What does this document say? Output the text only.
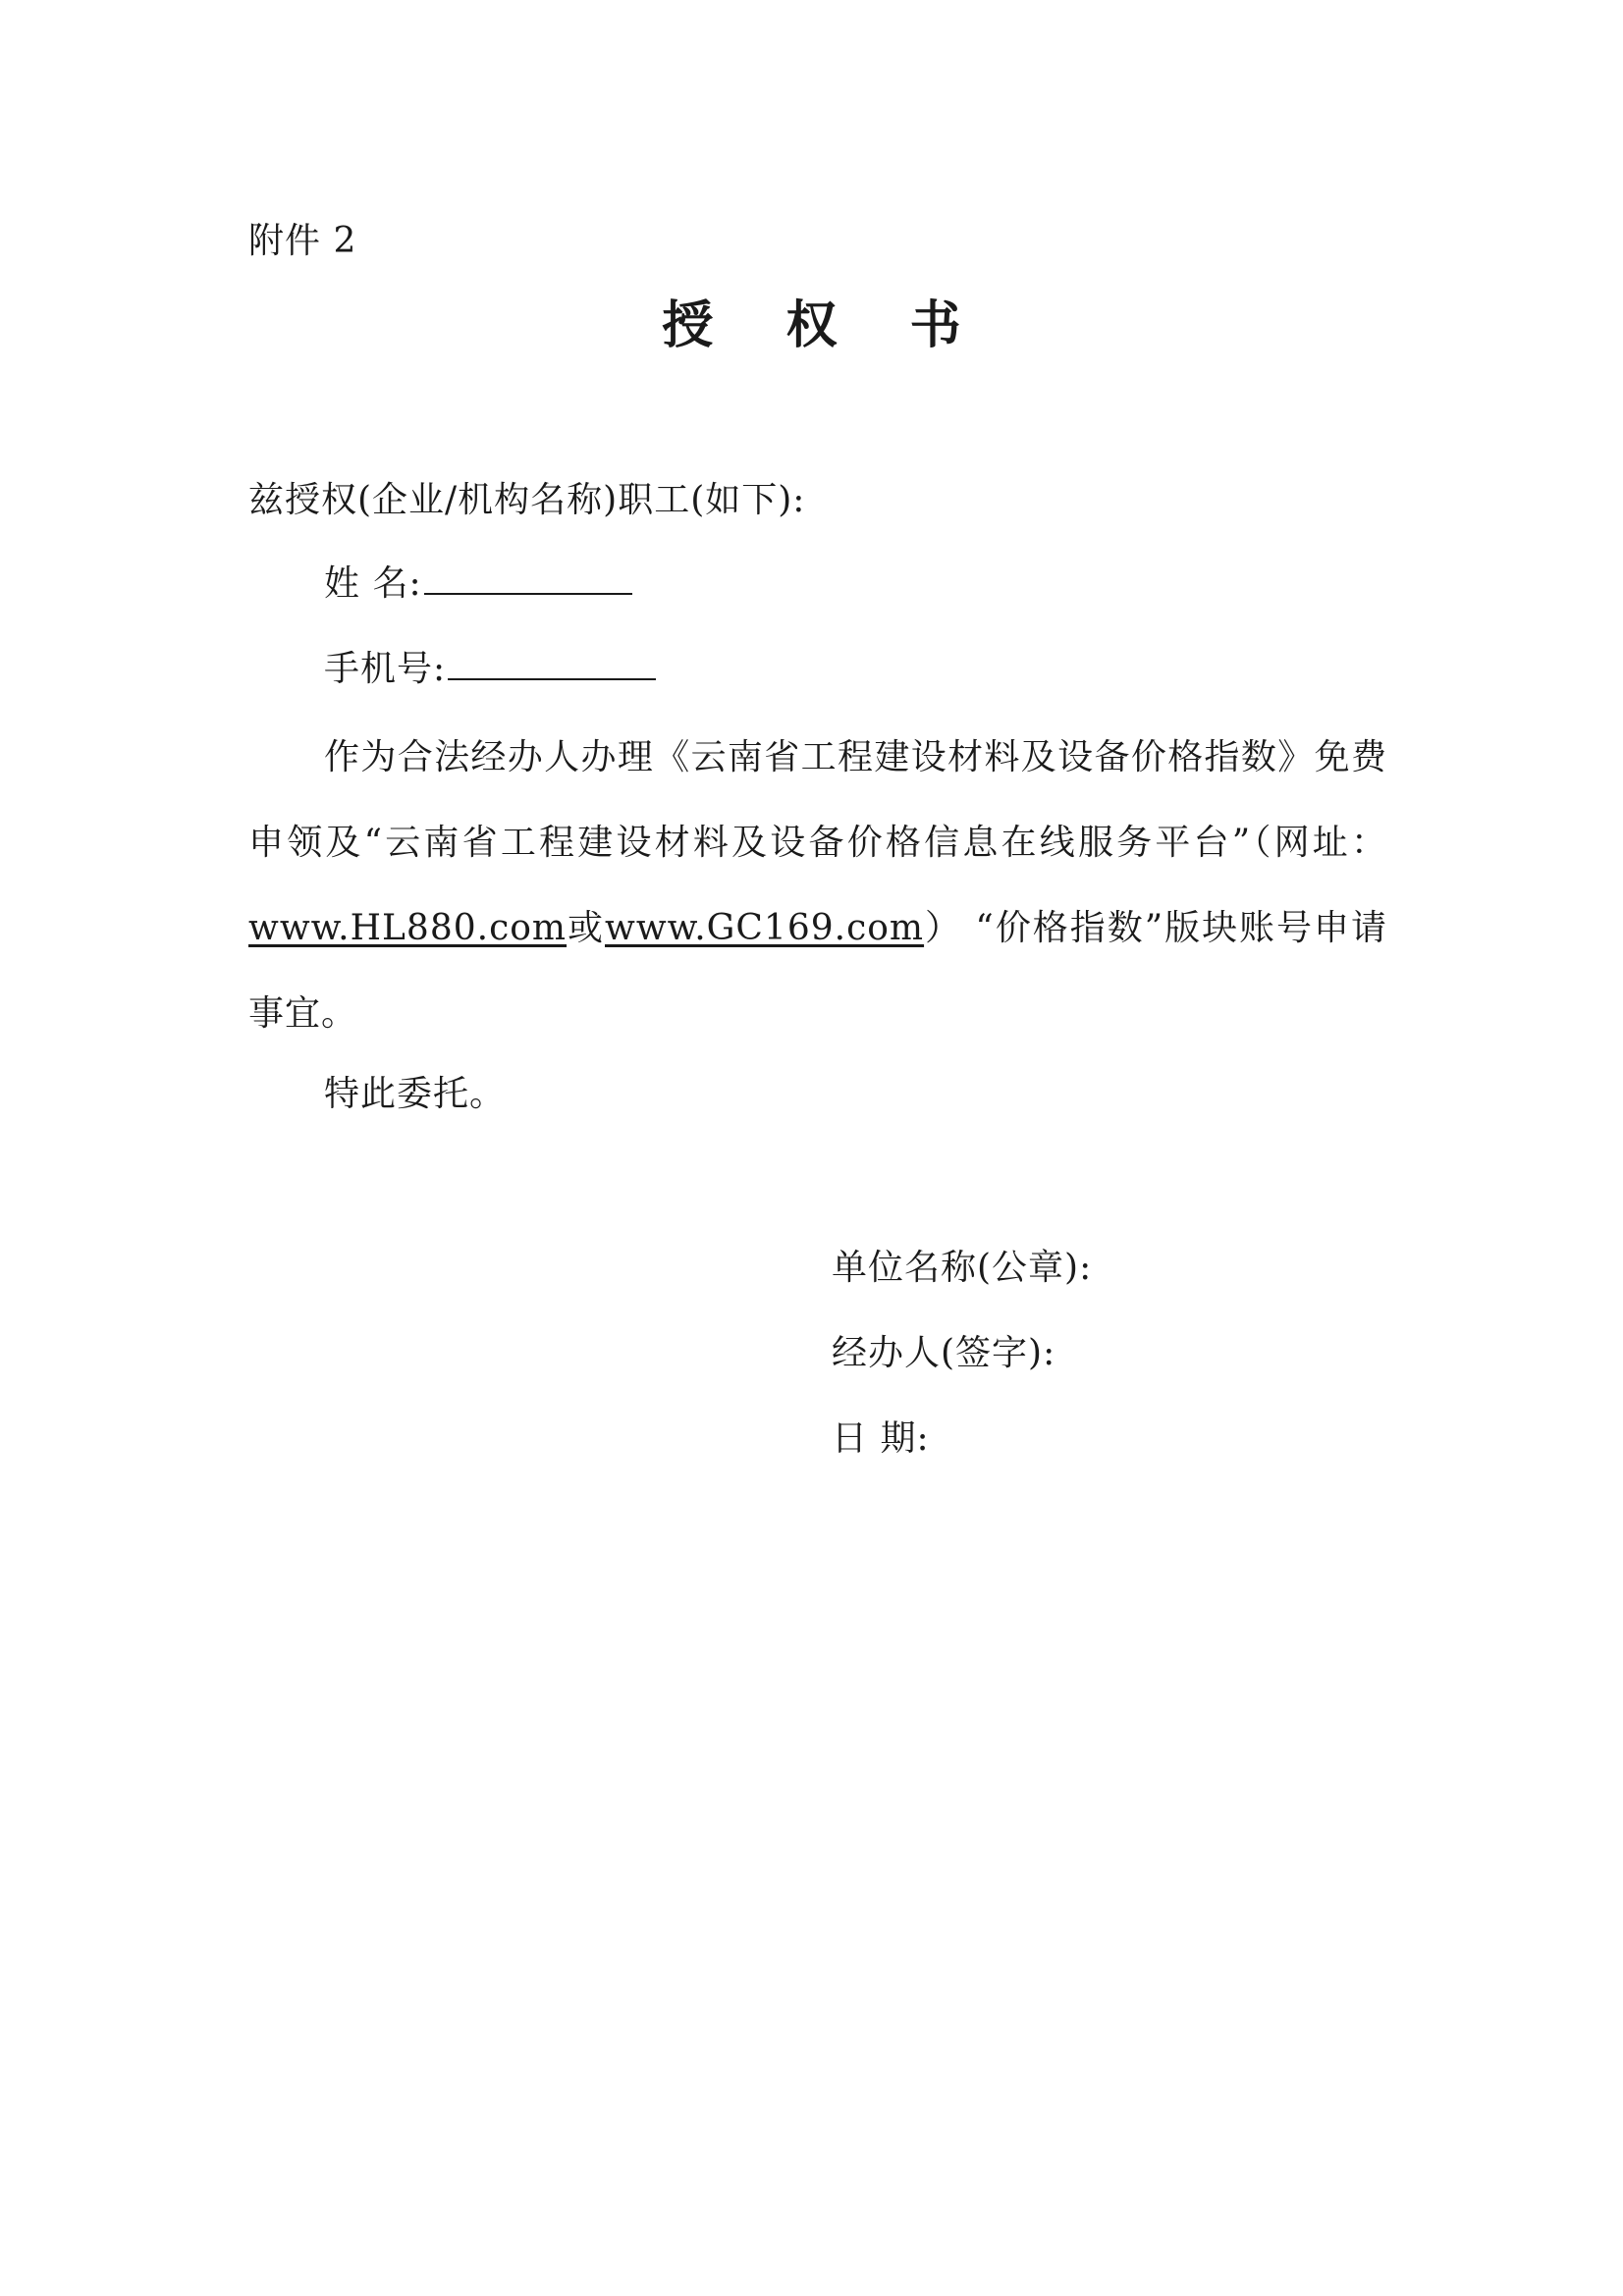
附件 2
授 权 书
兹授权(企业/机构名称)职工(如下):
姓 名:
手机号:
作为合法经办人办理《云南省工程建设材料及设备价格指数》免费申领及“云南省工程建设材料及设备价格信息在线服务平台”（网址：www.HL880.com或www.GC169.com） “价格指数”版块账号申请事宜。
特此委托。
单位名称(公章):
经办人(签字):
日 期:
